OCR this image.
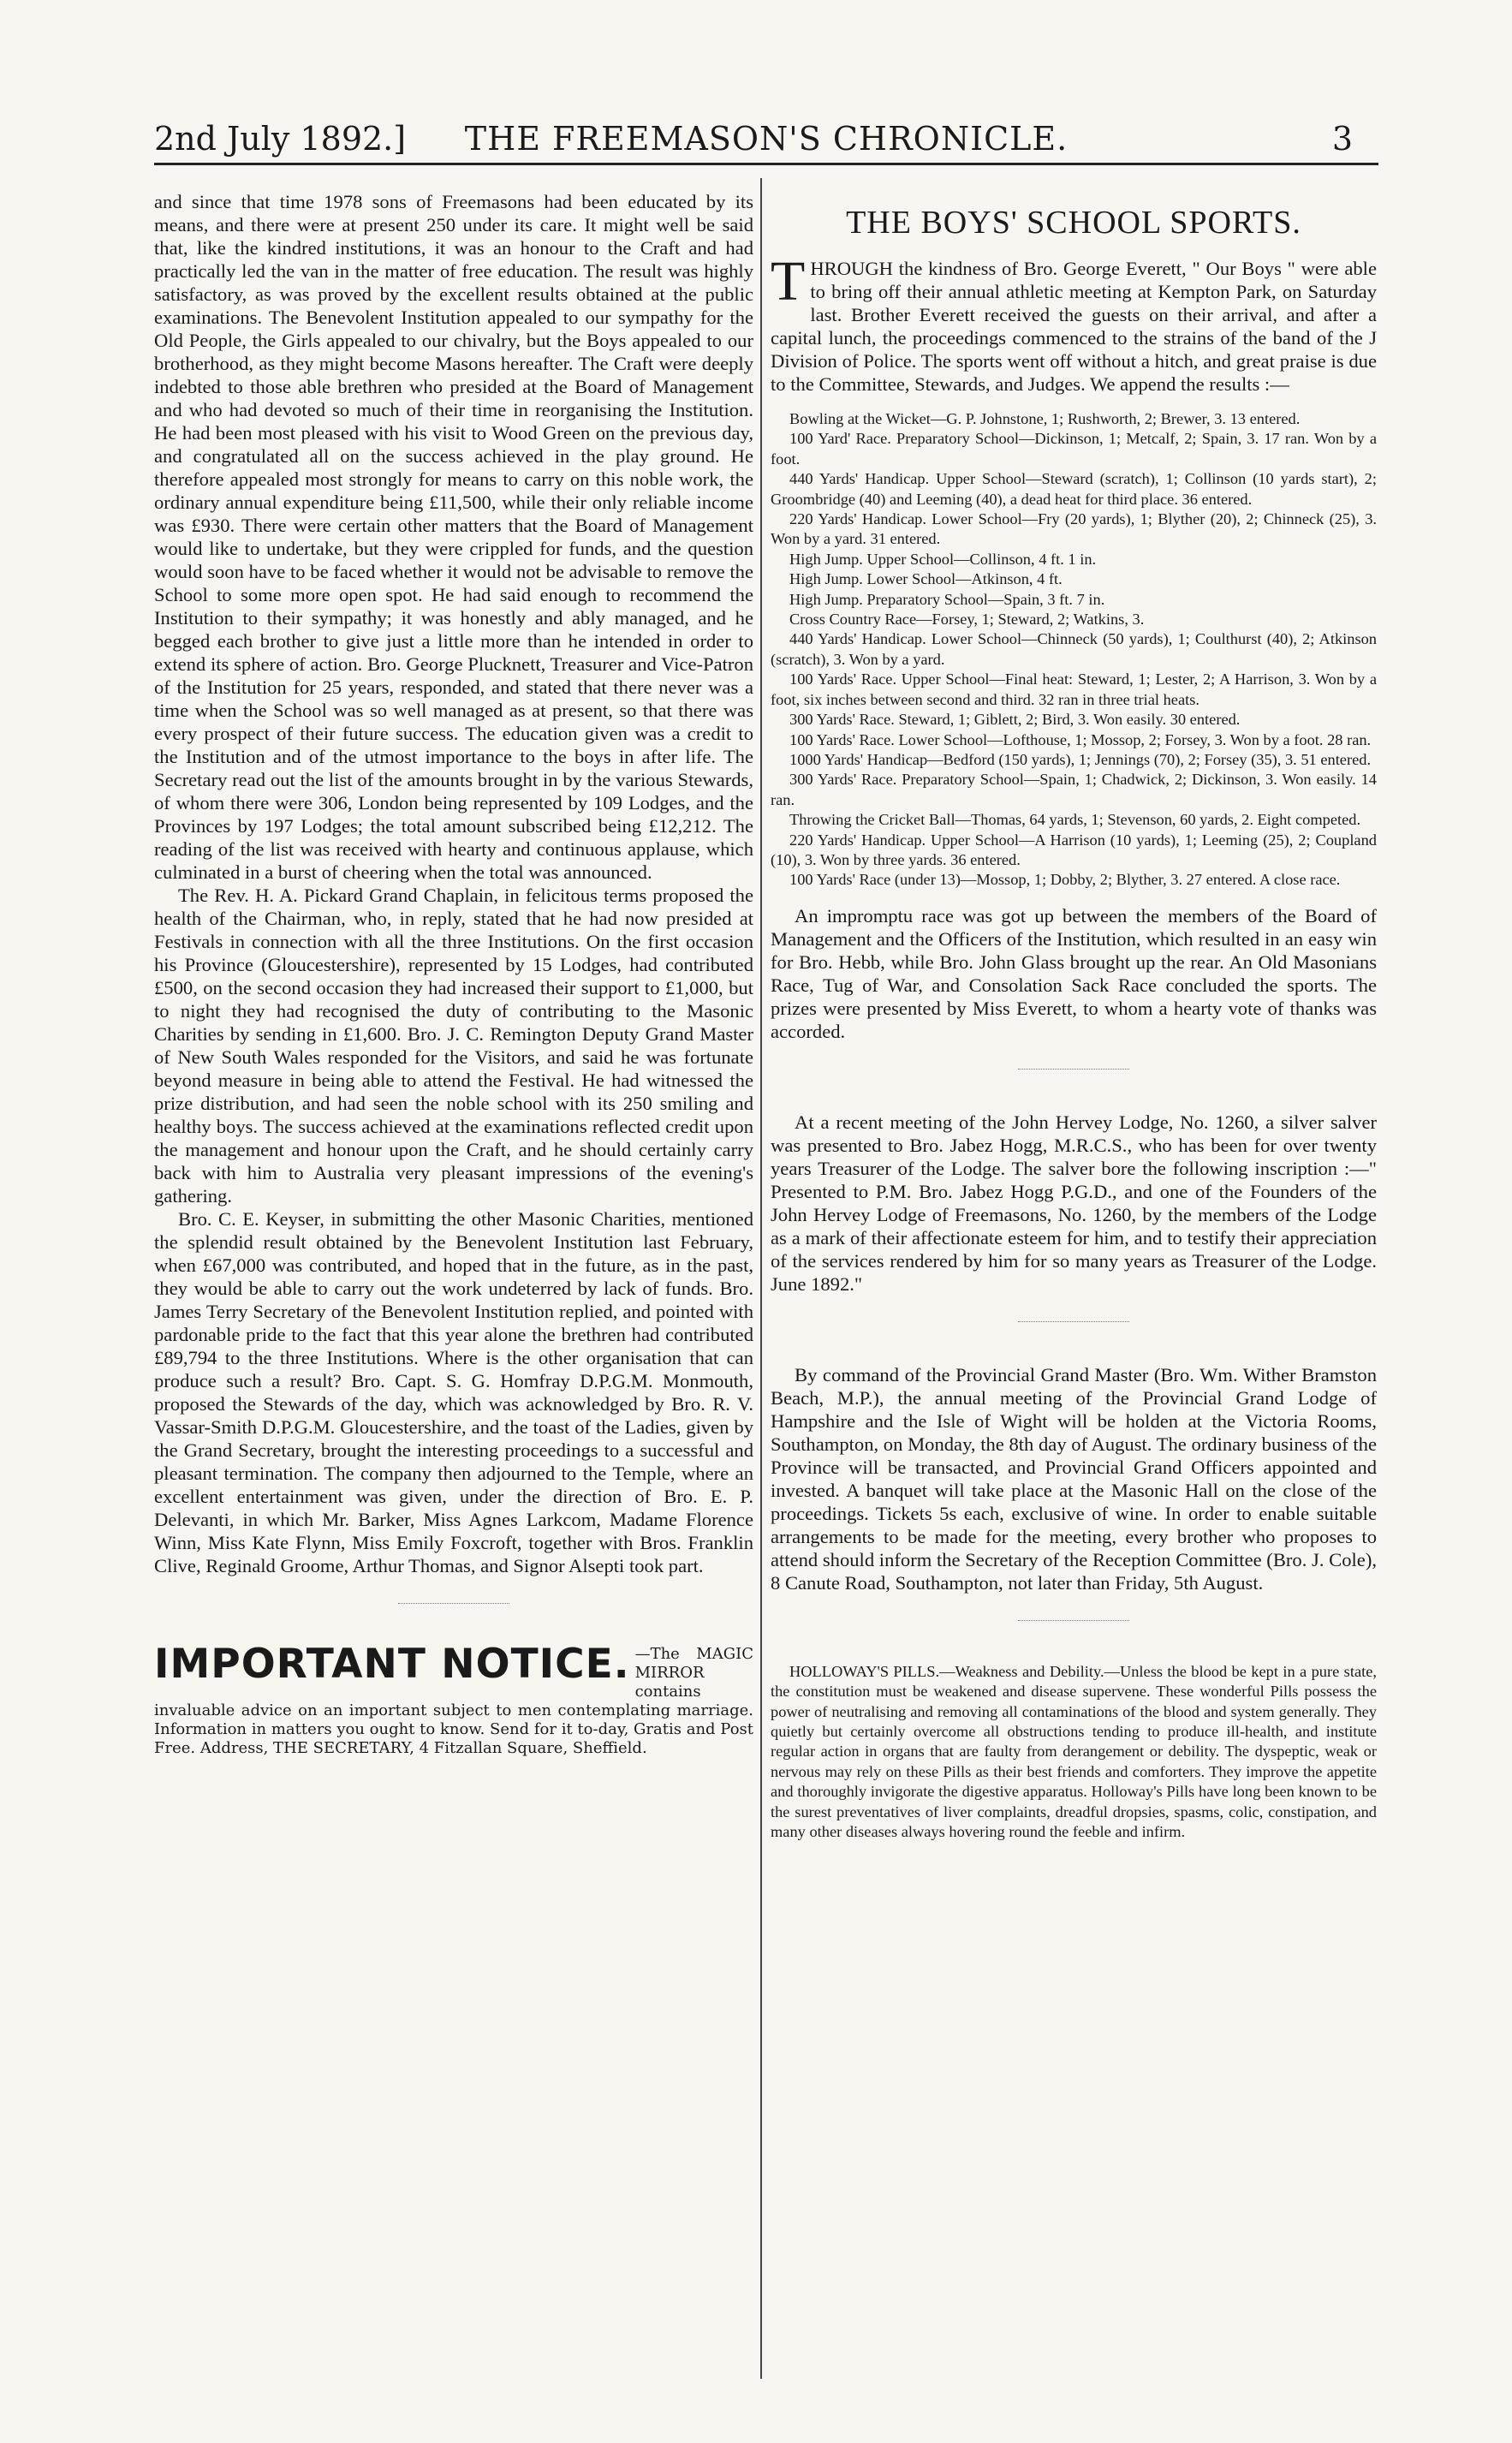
2nd July 1892.]	THE FREEMASON'S CHRONICLE.	3

and since that time 1978 sons of Freemasons had been educated by its means, and there were at present 250 under its care. It might well be said that, like the kindred institutions, it was an honour to the Craft and had practically led the van in the matter of free education. The result was highly satisfactory, as was proved by the excellent results obtained at the public examinations. The Benevolent Institution appealed to our sympathy for the Old People, the Girls appealed to our chivalry, but the Boys appealed to our brotherhood, as they might become Masons hereafter. The Craft were deeply indebted to those able brethren who presided at the Board of Management and who had devoted so much of their time in reorganising the Institution. He had been most pleased with his visit to Wood Green on the previous day, and congratulated all on the success achieved in the play ground. He therefore appealed most strongly for means to carry on this noble work, the ordinary annual expenditure being £11,500, while their only reliable income was £930. There were certain other matters that the Board of Management would like to undertake, but they were crippled for funds, and the question would soon have to be faced whether it would not be advisable to remove the School to some more open spot. He had said enough to recommend the Institution to their sympathy; it was honestly and ably managed, and he begged each brother to give just a little more than he intended in order to extend its sphere of action. Bro. George Plucknett, Treasurer and Vice-Patron of the Institution for 25 years, responded, and stated that there never was a time when the School was so well managed as at present, so that there was every prospect of their future success. The education given was a credit to the Institution and of the utmost importance to the boys in after life. The Secretary read out the list of the amounts brought in by the various Stewards, of whom there were 306, London being represented by 109 Lodges, and the Provinces by 197 Lodges; the total amount subscribed being £12,212. The reading of the list was received with hearty and continuous applause, which culminated in a burst of cheering when the total was announced.

The Rev. H. A. Pickard Grand Chaplain, in felicitous terms proposed the health of the Chairman, who, in reply, stated that he had now presided at Festivals in connection with all the three Institutions. On the first occasion his Province (Gloucestershire), represented by 15 Lodges, had contributed £500, on the second occasion they had increased their support to £1,000, but to night they had recognised the duty of contributing to the Masonic Charities by sending in £1,600. Bro. J. C. Remington Deputy Grand Master of New South Wales responded for the Visitors, and said he was fortunate beyond measure in being able to attend the Festival. He had witnessed the prize distribution, and had seen the noble school with its 250 smiling and healthy boys. The success achieved at the examinations reflected credit upon the management and honour upon the Craft, and he should certainly carry back with him to Australia very pleasant impressions of the evening's gathering.

Bro. C. E. Keyser, in submitting the other Masonic Charities, mentioned the splendid result obtained by the Benevolent Institution last February, when £67,000 was contributed, and hoped that in the future, as in the past, they would be able to carry out the work undeterred by lack of funds. Bro. James Terry Secretary of the Benevolent Institution replied, and pointed with pardonable pride to the fact that this year alone the brethren had contributed £89,794 to the three Institutions. Where is the other organisation that can produce such a result? Bro. Capt. S. G. Homfray D.P.G.M. Monmouth, proposed the Stewards of the day, which was acknowledged by Bro. R. V. Vassar-Smith D.P.G.M. Gloucestershire, and the toast of the Ladies, given by the Grand Secretary, brought the interesting proceedings to a successful and pleasant termination. The company then adjourned to the Temple, where an excellent entertainment was given, under the direction of Bro. E. P. Delevanti, in which Mr. Barker, Miss Agnes Larkcom, Madame Florence Winn, Miss Kate Flynn, Miss Emily Foxcroft, together with Bros. Franklin Clive, Reginald Groome, Arthur Thomas, and Signor Alsepti took part.

IMPORTANT NOTICE. —The MAGIC MIRROR contains invaluable advice on an important subject to men contemplating marriage. Information in matters you ought to know. Send for it to-day, Gratis and Post Free. Address, THE SECRETARY, 4 Fitzallan Square, Sheffield.

THE BOYS' SCHOOL SPORTS.

THROUGH the kindness of Bro. George Everett, " Our Boys " were able to bring off their annual athletic meeting at Kempton Park, on Saturday last. Brother Everett received the guests on their arrival, and after a capital lunch, the proceedings commenced to the strains of the band of the J Division of Police. The sports went off without a hitch, and great praise is due to the Committee, Stewards, and Judges. We append the results :—

Bowling at the Wicket—G. P. Johnstone, 1; Rushworth, 2; Brewer, 3. 13 entered.

100 Yard' Race. Preparatory School—Dickinson, 1; Metcalf, 2; Spain, 3. 17 ran. Won by a foot.

440 Yards' Handicap. Upper School—Steward (scratch), 1; Collinson (10 yards start), 2; Groombridge (40) and Leeming (40), a dead heat for third place. 36 entered.

220 Yards' Handicap. Lower School—Fry (20 yards), 1; Blyther (20), 2; Chinneck (25), 3. Won by a yard. 31 entered.

High Jump. Upper School—Collinson, 4 ft. 1 in.

High Jump. Lower School—Atkinson, 4 ft.

High Jump. Preparatory School—Spain, 3 ft. 7 in.

Cross Country Race—Forsey, 1; Steward, 2; Watkins, 3.

440 Yards' Handicap. Lower School—Chinneck (50 yards), 1; Coulthurst (40), 2; Atkinson (scratch), 3. Won by a yard.

100 Yards' Race. Upper School—Final heat: Steward, 1; Lester, 2; A Harrison, 3. Won by a foot, six inches between second and third. 32 ran in three trial heats.

300 Yards' Race. Steward, 1; Giblett, 2; Bird, 3. Won easily. 30 entered.

100 Yards' Race. Lower School—Lofthouse, 1; Mossop, 2; Forsey, 3. Won by a foot. 28 ran.

1000 Yards' Handicap—Bedford (150 yards), 1; Jennings (70), 2; Forsey (35), 3. 51 entered.

300 Yards' Race. Preparatory School—Spain, 1; Chadwick, 2; Dickinson, 3. Won easily. 14 ran.

Throwing the Cricket Ball—Thomas, 64 yards, 1; Stevenson, 60 yards, 2. Eight competed.

220 Yards' Handicap. Upper School—A Harrison (10 yards), 1; Leeming (25), 2; Coupland (10), 3. Won by three yards. 36 entered.

100 Yards' Race (under 13)—Mossop, 1; Dobby, 2; Blyther, 3. 27 entered. A close race.

An impromptu race was got up between the members of the Board of Management and the Officers of the Institution, which resulted in an easy win for Bro. Hebb, while Bro. John Glass brought up the rear. An Old Masonians Race, Tug of War, and Consolation Sack Race concluded the sports. The prizes were presented by Miss Everett, to whom a hearty vote of thanks was accorded.

At a recent meeting of the John Hervey Lodge, No. 1260, a silver salver was presented to Bro. Jabez Hogg, M.R.C.S., who has been for over twenty years Treasurer of the Lodge. The salver bore the following inscription :—" Presented to P.M. Bro. Jabez Hogg P.G.D., and one of the Founders of the John Hervey Lodge of Freemasons, No. 1260, by the members of the Lodge as a mark of their affectionate esteem for him, and to testify their appreciation of the services rendered by him for so many years as Treasurer of the Lodge. June 1892."

By command of the Provincial Grand Master (Bro. Wm. Wither Bramston Beach, M.P.), the annual meeting of the Provincial Grand Lodge of Hampshire and the Isle of Wight will be holden at the Victoria Rooms, Southampton, on Monday, the 8th day of August. The ordinary business of the Province will be transacted, and Provincial Grand Officers appointed and invested. A banquet will take place at the Masonic Hall on the close of the proceedings. Tickets 5s each, exclusive of wine. In order to enable suitable arrangements to be made for the meeting, every brother who proposes to attend should inform the Secretary of the Reception Committee (Bro. J. Cole), 8 Canute Road, Southampton, not later than Friday, 5th August.

HOLLOWAY'S PILLS.—Weakness and Debility.—Unless the blood be kept in a pure state, the constitution must be weakened and disease supervene. These wonderful Pills possess the power of neutralising and removing all contaminations of the blood and system generally. They quietly but certainly overcome all obstructions tending to produce ill-health, and institute regular action in organs that are faulty from derangement or debility. The dyspeptic, weak or nervous may rely on these Pills as their best friends and comforters. They improve the appetite and thoroughly invigorate the digestive apparatus. Holloway's Pills have long been known to be the surest preventatives of liver complaints, dreadful dropsies, spasms, colic, constipation, and many other diseases always hovering round the feeble and infirm.
